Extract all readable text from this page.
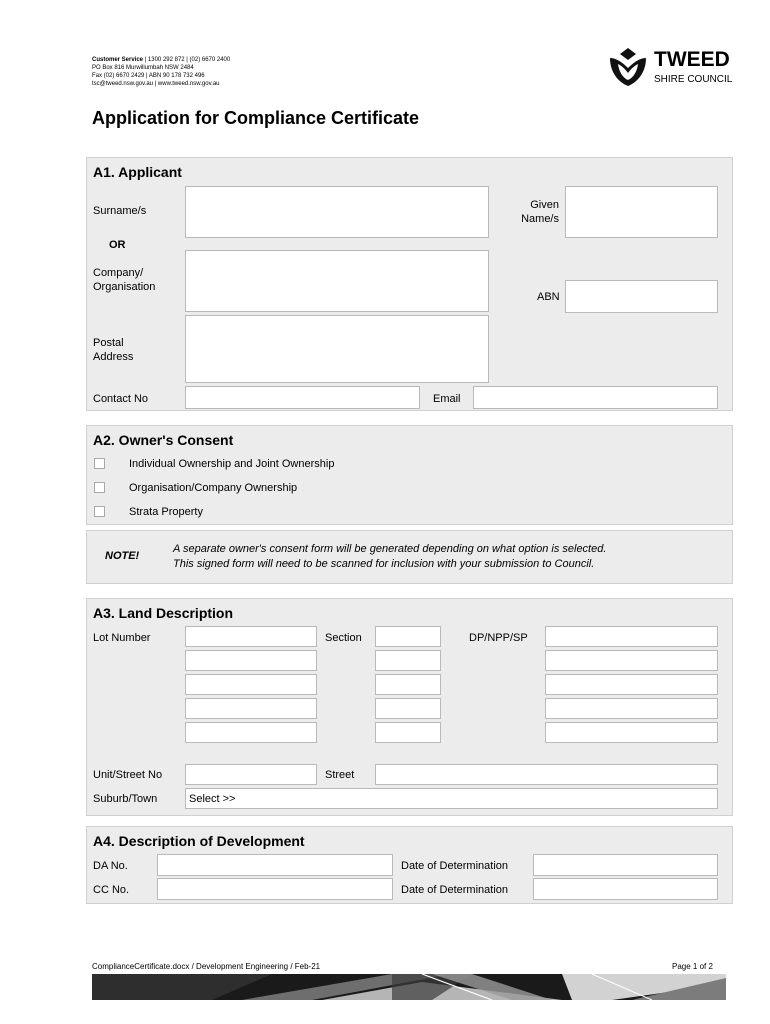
Customer Service | 1300 292 872 | (02) 6670 2400
PO Box 816 Murwillumbah NSW 2484
Fax (02) 6670 2429 | ABN 90 178 732 496
tsc@tweed.nsw.gov.au | www.tweed.nsw.gov.au
TWEED
SHIRE COUNCIL
Application for Compliance Certificate
A1. Applicant
Surname/s	Given Name/s
OR
Company/ Organisation
ABN
Postal Address
Contact No	Email
A2. Owner's Consent
Individual Ownership and Joint Ownership
Organisation/Company Ownership
Strata Property
NOTE!
A separate owner's consent form will be generated depending on what option is selected.
This signed form will need to be scanned for inclusion with your submission to Council.
A3. Land Description
Lot Number	Section	DP/NPP/SP
Unit/Street No	Street
Suburb/Town	Select >>
A4. Description of Development
DA No.	Date of Determination
CC No.	Date of Determination
ComplianceCertificate.docx / Development Engineering / Feb-21	Page 1 of 2
